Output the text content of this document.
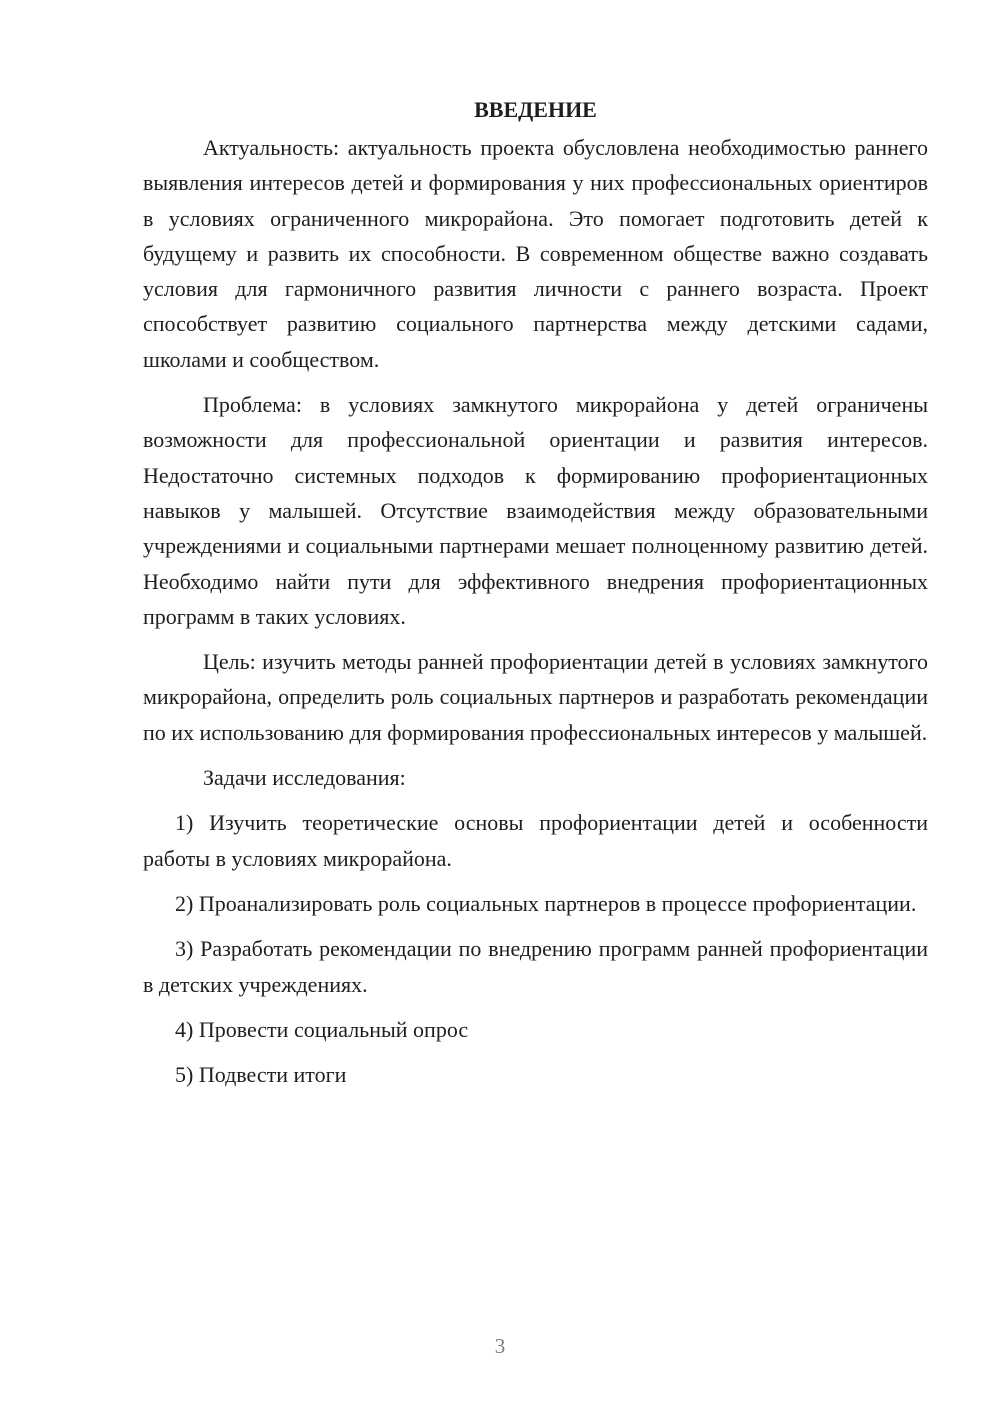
ВВЕДЕНИЕ

Актуальность: актуальность проекта обусловлена необходимостью раннего выявления интересов детей и формирования у них профессиональных ориентиров в условиях ограниченного микрорайона. Это помогает подготовить детей к будущему и развить их способности. В современном обществе важно создавать условия для гармоничного развития личности с раннего возраста. Проект способствует развитию социального партнерства между детскими садами, школами и сообществом.

Проблема: в условиях замкнутого микрорайона у детей ограничены возможности для профессиональной ориентации и развития интересов. Недостаточно системных подходов к формированию профориентационных навыков у малышей. Отсутствие взаимодействия между образовательными учреждениями и социальными партнерами мешает полноценному развитию детей. Необходимо найти пути для эффективного внедрения профориентационных программ в таких условиях.

Цель: изучить методы ранней профориентации детей в условиях замкнутого микрорайона, определить роль социальных партнеров и разработать рекомендации по их использованию для формирования профессиональных интересов у малышей.

Задачи исследования:

1) Изучить теоретические основы профориентации детей и особенности работы в условиях микрорайона.

2) Проанализировать роль социальных партнеров в процессе профориентации.

3) Разработать рекомендации по внедрению программ ранней профориентации в детских учреждениях.

4) Провести социальный опрос

5) Подвести итоги

3
